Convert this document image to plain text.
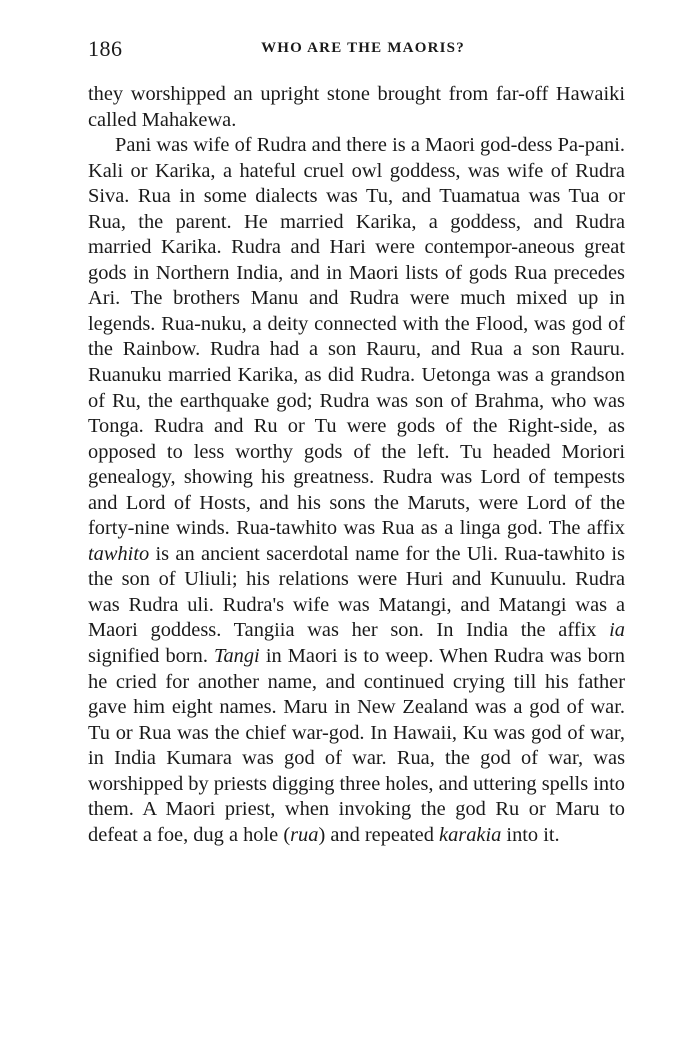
186	WHO ARE THE MAORIS?

they worshipped an upright stone brought from far-off Hawaiki called Mahakewa.

Pani was wife of Rudra and there is a Maori god-dess Pa-pani. Kali or Karika, a hateful cruel owl goddess, was wife of Rudra Siva. Rua in some dialects was Tu, and Tuamatua was Tua or Rua, the parent. He married Karika, a goddess, and Rudra married Karika. Rudra and Hari were contempor-aneous great gods in Northern India, and in Maori lists of gods Rua precedes Ari. The brothers Manu and Rudra were much mixed up in legends. Rua-nuku, a deity connected with the Flood, was god of the Rainbow. Rudra had a son Rauru, and Rua a son Rauru. Ruanuku married Karika, as did Rudra. Uetonga was a grandson of Ru, the earthquake god; Rudra was son of Brahma, who was Tonga. Rudra and Ru or Tu were gods of the Right-side, as opposed to less worthy gods of the left. Tu headed Moriori genealogy, showing his greatness. Rudra was Lord of tempests and Lord of Hosts, and his sons the Maruts, were Lord of the forty-nine winds. Rua-tawhito was Rua as a linga god. The affix tawhito is an ancient sacerdotal name for the Uli. Rua-tawhito is the son of Uliuli; his relations were Huri and Kunuulu. Rudra was Rudra uli. Rudra's wife was Matangi, and Matangi was a Maori goddess. Tangiia was her son. In India the affix ia signified born. Tangi in Maori is to weep. When Rudra was born he cried for another name, and continued crying till his father gave him eight names. Maru in New Zealand was a god of war. Tu or Rua was the chief war-god. In Hawaii, Ku was god of war, in India Kumara was god of war. Rua, the god of war, was worshipped by priests digging three holes, and uttering spells into them. A Maori priest, when invoking the god Ru or Maru to defeat a foe, dug a hole (rua) and repeated karakia into it.
